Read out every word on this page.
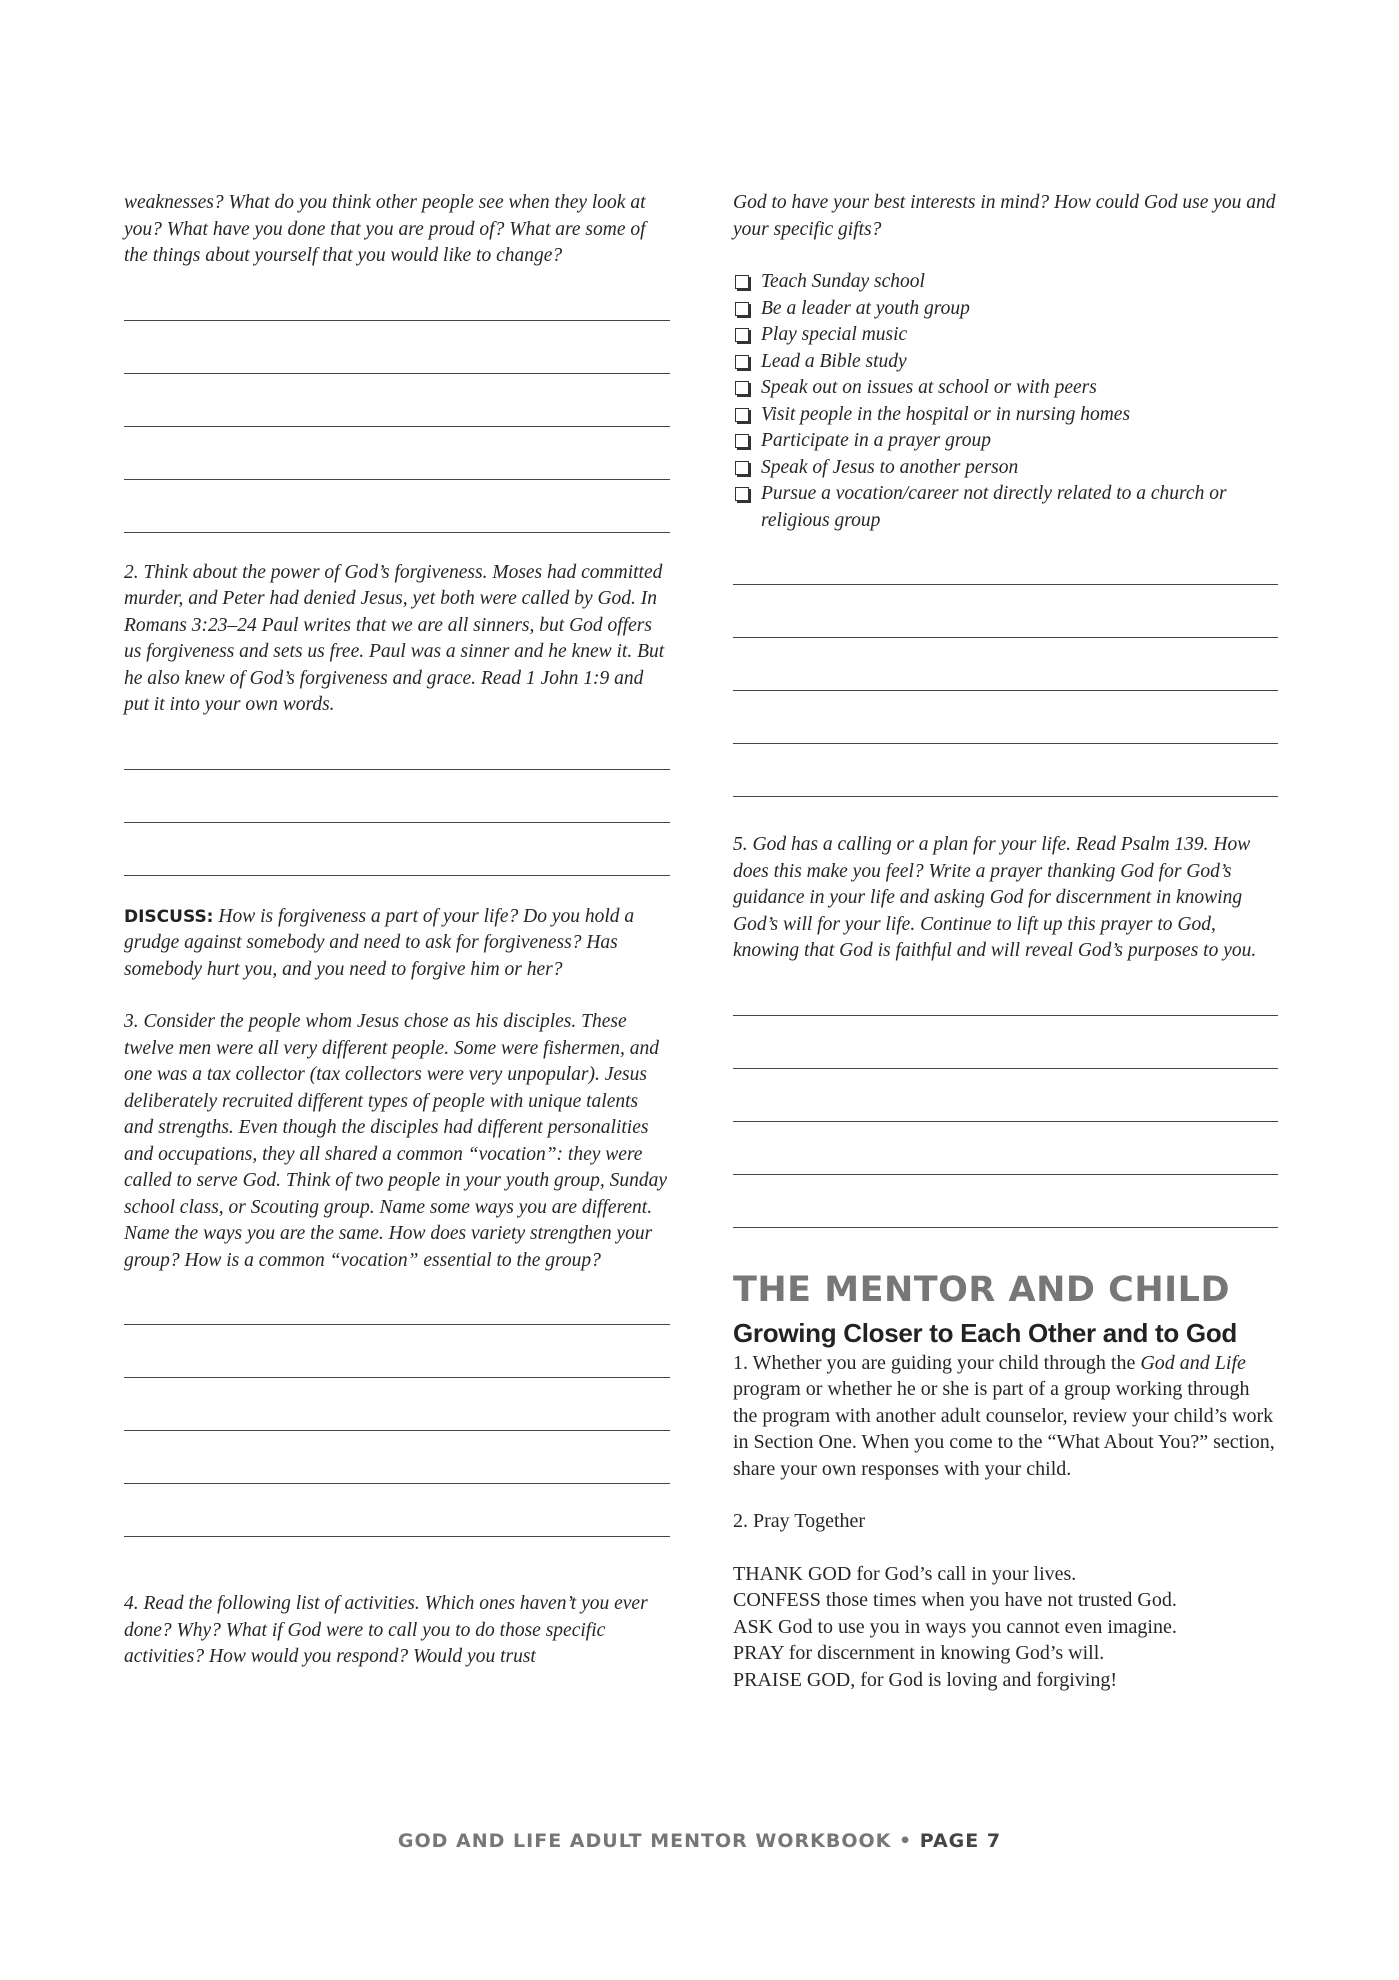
weaknesses? What do you think other people see when they look at you? What have you done that you are proud of? What are some of the things about yourself that you would like to change?

2. Think about the power of God’s forgiveness. Moses had committed murder, and Peter had denied Jesus, yet both were called by God. In Romans 3:23–24 Paul writes that we are all sinners, but God offers us forgiveness and sets us free. Paul was a sinner and he knew it. But he also knew of God’s forgiveness and grace. Read 1 John 1:9 and put it into your own words.

DISCUSS: How is forgiveness a part of your life? Do you hold a grudge against somebody and need to ask for forgiveness? Has somebody hurt you, and you need to forgive him or her?

3. Consider the people whom Jesus chose as his disciples. These twelve men were all very different people. Some were fishermen, and one was a tax collector (tax collectors were very unpopular). Jesus deliberately recruited different types of people with unique talents and strengths. Even though the disciples had different personalities and occupations, they all shared a common “vocation”: they were called to serve God. Think of two people in your youth group, Sunday school class, or Scouting group. Name some ways you are different. Name the ways you are the same. How does variety strengthen your group? How is a common “vocation” essential to the group?

4. Read the following list of activities. Which ones haven’t you ever done? Why? What if God were to call you to do those specific activities? How would you respond? Would you trust

God to have your best interests in mind? How could God use you and your specific gifts?

Teach Sunday school
Be a leader at youth group
Play special music
Lead a Bible study
Speak out on issues at school or with peers
Visit people in the hospital or in nursing homes
Participate in a prayer group
Speak of Jesus to another person
Pursue a vocation/career not directly related to a church or religious group

5. God has a calling or a plan for your life. Read Psalm 139. How does this make you feel? Write a prayer thanking God for God’s guidance in your life and asking God for discernment in knowing God’s will for your life. Continue to lift up this prayer to God, knowing that God is faithful and will reveal God’s purposes to you.

THE MENTOR AND CHILD
Growing Closer to Each Other and to God

1. Whether you are guiding your child through the God and Life program or whether he or she is part of a group working through the program with another adult counselor, review your child’s work in Section One. When you come to the “What About You?” section, share your own responses with your child.

2. Pray Together

THANK GOD for God’s call in your lives.

CONFESS those times when you have not trusted God.

ASK God to use you in ways you cannot even imagine.

PRAY for discernment in knowing God’s will.

PRAISE GOD, for God is loving and forgiving!

GOD AND LIFE ADULT MENTOR WORKBOOK • PAGE 7
